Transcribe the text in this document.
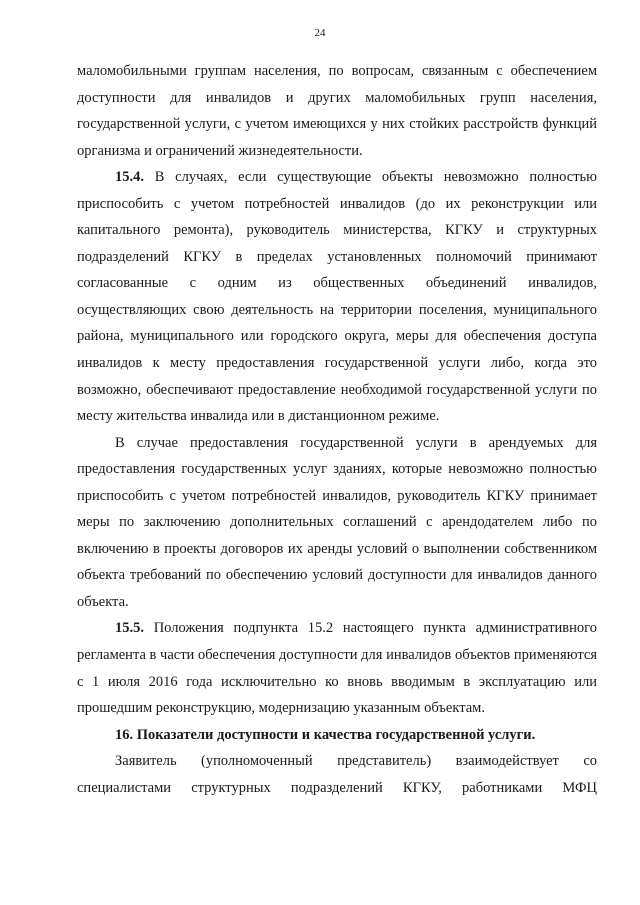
24

маломобильными группам населения, по вопросам, связанным с обеспечением доступности для инвалидов и других маломобильных групп населения, государственной услуги, с учетом имеющихся у них стойких расстройств функций организма и ограничений жизнедеятельности.

15.4. В случаях, если существующие объекты невозможно полностью приспособить с учетом потребностей инвалидов (до их реконструкции или капитального ремонта), руководитель министерства, КГКУ и структурных подразделений КГКУ в пределах установленных полномочий принимают согласованные с одним из общественных объединений инвалидов, осуществляющих свою деятельность на территории поселения, муниципального района, муниципального или городского округа, меры для обеспечения доступа инвалидов к месту предоставления государственной услуги либо, когда это возможно, обеспечивают предоставление необходимой государственной услуги по месту жительства инвалида или в дистанционном режиме.

В случае предоставления государственной услуги в арендуемых для предоставления государственных услуг зданиях, которые невозможно полностью приспособить с учетом потребностей инвалидов, руководитель КГКУ принимает меры по заключению дополнительных соглашений с арендодателем либо по включению в проекты договоров их аренды условий о выполнении собственником объекта требований по обеспечению условий доступности для инвалидов данного объекта.

15.5. Положения подпункта 15.2 настоящего пункта административного регламента в части обеспечения доступности для инвалидов объектов применяются с 1 июля 2016 года исключительно ко вновь вводимым в эксплуатацию или прошедшим реконструкцию, модернизацию указанным объектам.

16. Показатели доступности и качества государственной услуги.

Заявитель (уполномоченный представитель) взаимодействует со специалистами структурных подразделений КГКУ, работниками МФЦ
